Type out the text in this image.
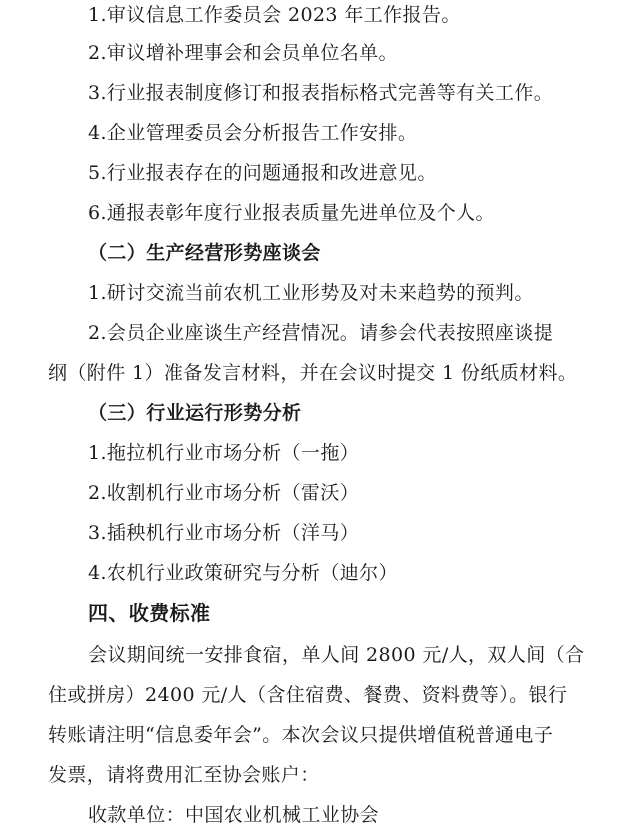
1.审议信息工作委员会 2023 年工作报告。
2.审议增补理事会和会员单位名单。
3.行业报表制度修订和报表指标格式完善等有关工作。
4.企业管理委员会分析报告工作安排。
5.行业报表存在的问题通报和改进意见。
6.通报表彰年度行业报表质量先进单位及个人。
（二）生产经营形势座谈会
1.研讨交流当前农机工业形势及对未来趋势的预判。
2.会员企业座谈生产经营情况。请参会代表按照座谈提
纲（附件 1）准备发言材料，并在会议时提交 1 份纸质材料。
（三）行业运行形势分析
1.拖拉机行业市场分析（一拖）
2.收割机行业市场分析（雷沃）
3.插秧机行业市场分析（洋马）
4.农机行业政策研究与分析（迪尔）
四、收费标准
会议期间统一安排食宿，单人间 2800 元/人，双人间（合
住或拼房）2400 元/人（含住宿费、餐费、资料费等）。银行
转账请注明“信息委年会”。本次会议只提供增值税普通电子
发票，请将费用汇至协会账户：
收款单位：中国农业机械工业协会
